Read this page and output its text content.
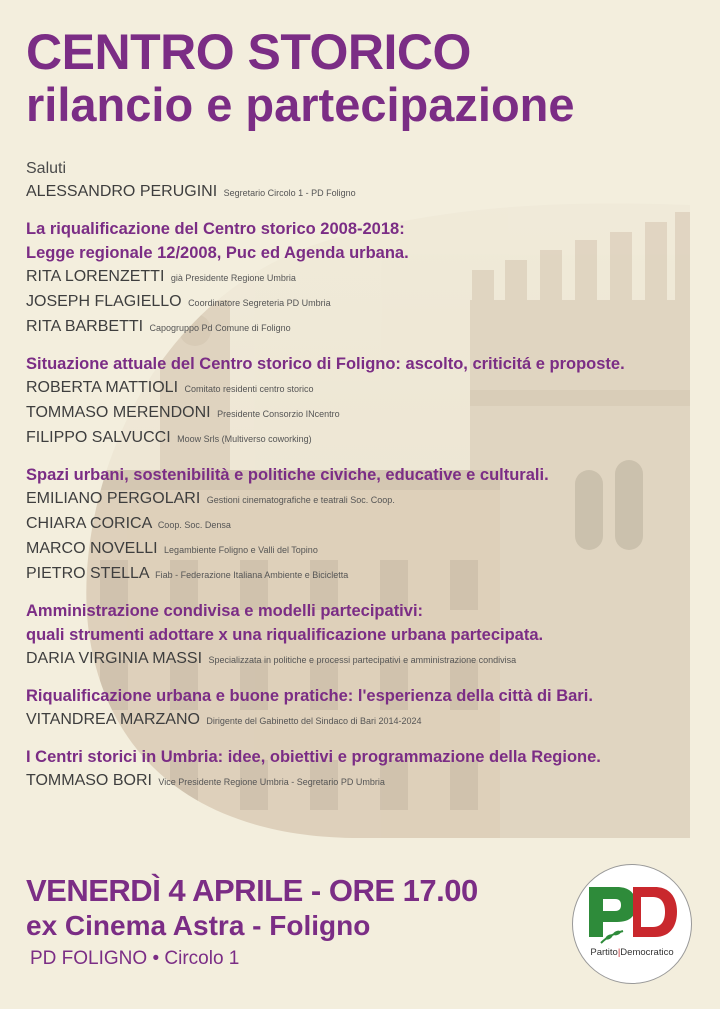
CENTRO STORICO
rilancio e partecipazione
Saluti
ALESSANDRO PERUGINI Segretario Circolo 1 - PD Foligno
La riqualificazione del Centro storico 2008-2018:
Legge regionale 12/2008, Puc ed Agenda urbana.
RITA LORENZETTI già Presidente Regione Umbria
JOSEPH FLAGIELLO Coordinatore Segreteria PD Umbria
RITA BARBETTI Capogruppo Pd Comune di Foligno
Situazione attuale del Centro storico di Foligno: ascolto, criticitá e proposte.
ROBERTA MATTIOLI Comitato residenti centro storico
TOMMASO MERENDONI Presidente Consorzio INcentro
FILIPPO SALVUCCI Moow Srls (Multiverso coworking)
Spazi urbani, sostenibilità e politiche civiche, educative e culturali.
EMILIANO PERGOLARI Gestioni cinematografiche e teatrali Soc. Coop.
CHIARA CORICA Coop. Soc. Densa
MARCO NOVELLI Legambiente Foligno e Valli del Topino
PIETRO STELLA Fiab - Federazione Italiana Ambiente e Bicicletta
Amministrazione condivisa e modelli partecipativi:
quali strumenti adottare x una riqualificazione urbana partecipata.
DARIA VIRGINIA MASSI Specializzata in politiche e processi partecipativi e amministrazione condivisa
Riqualificazione urbana e buone pratiche: l'esperienza della città di Bari.
VITANDREA MARZANO Dirigente del Gabinetto del Sindaco di Bari 2014-2024
I Centri storici in Umbria: idee, obiettivi e programmazione della Regione.
TOMMASO BORI Vice Presidente Regione Umbria - Segretario PD Umbria
VENERDÌ 4 APRILE - ORE 17.00
ex Cinema Astra - Foligno
PD FOLIGNO • Circolo 1	Partito|Democratico
